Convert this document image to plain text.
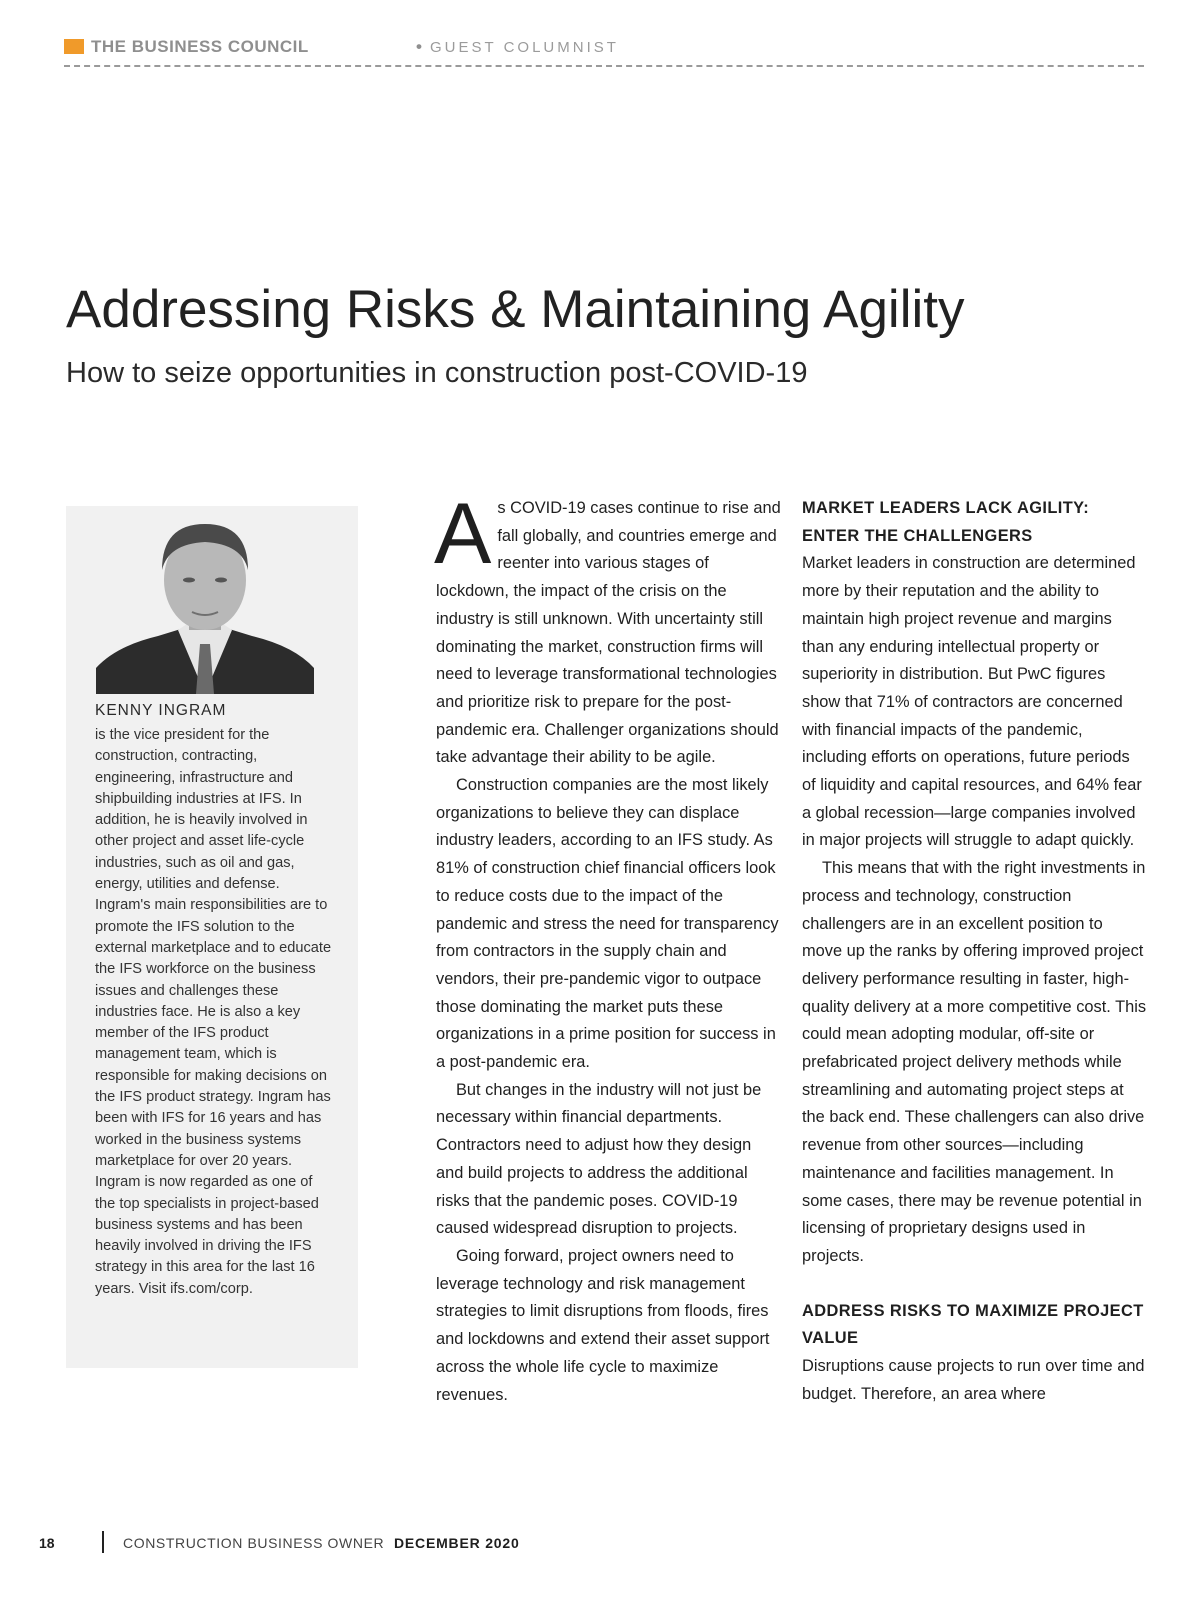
THE BUSINESS COUNCIL	• GUEST COLUMNIST
Addressing Risks & Maintaining Agility
How to seize opportunities in construction post-COVID-19
KENNY INGRAM

is the vice president for the construction, contracting, engineering, infrastructure and shipbuilding industries at IFS. In addition, he is heavily involved in other project and asset life-cycle industries, such as oil and gas, energy, utilities and defense. Ingram's main responsibilities are to promote the IFS solution to the external marketplace and to educate the IFS workforce on the business issues and challenges these industries face. He is also a key member of the IFS product management team, which is responsible for making decisions on the IFS product strategy. Ingram has been with IFS for 16 years and has worked in the business systems marketplace for over 20 years. Ingram is now regarded as one of the top specialists in project-based business systems and has been heavily involved in driving the IFS strategy in this area for the last 16 years. Visit ifs.com/corp.

As COVID-19 cases continue to rise and fall globally, and countries emerge and reenter into various stages of lockdown, the impact of the crisis on the industry is still unknown. With uncertainty still dominating the market, construction firms will need to leverage transformational technologies and prioritize risk to prepare for the post-pandemic era. Challenger organizations should take advantage their ability to be agile.

Construction companies are the most likely organizations to believe they can displace industry leaders, according to an IFS study. As 81% of construction chief financial officers look to reduce costs due to the impact of the pandemic and stress the need for transparency from contractors in the supply chain and vendors, their pre-pandemic vigor to outpace those dominating the market puts these organizations in a prime position for success in a post-pandemic era.

But changes in the industry will not just be necessary within financial departments. Contractors need to adjust how they design and build projects to address the additional risks that the pandemic poses. COVID-19 caused widespread disruption to projects.

Going forward, project owners need to leverage technology and risk management strategies to limit disruptions from floods, fires and lockdowns and extend their asset support across the whole life cycle to maximize revenues.

MARKET LEADERS LACK AGILITY: ENTER THE CHALLENGERS

Market leaders in construction are determined more by their reputation and the ability to maintain high project revenue and margins than any enduring intellectual property or superiority in distribution. But PwC figures show that 71% of contractors are concerned with financial impacts of the pandemic, including efforts on operations, future periods of liquidity and capital resources, and 64% fear a global recession—large companies involved in major projects will struggle to adapt quickly.

This means that with the right investments in process and technology, construction challengers are in an excellent position to move up the ranks by offering improved project delivery performance resulting in faster, high-quality delivery at a more competitive cost. This could mean adopting modular, off-site or prefabricated project delivery methods while streamlining and automating project steps at the back end. These challengers can also drive revenue from other sources—including maintenance and facilities management. In some cases, there may be revenue potential in licensing of proprietary designs used in projects.

ADDRESS RISKS TO MAXIMIZE PROJECT VALUE

Disruptions cause projects to run over time and budget. Therefore, an area where

18	CONSTRUCTION BUSINESS OWNER DECEMBER 2020
